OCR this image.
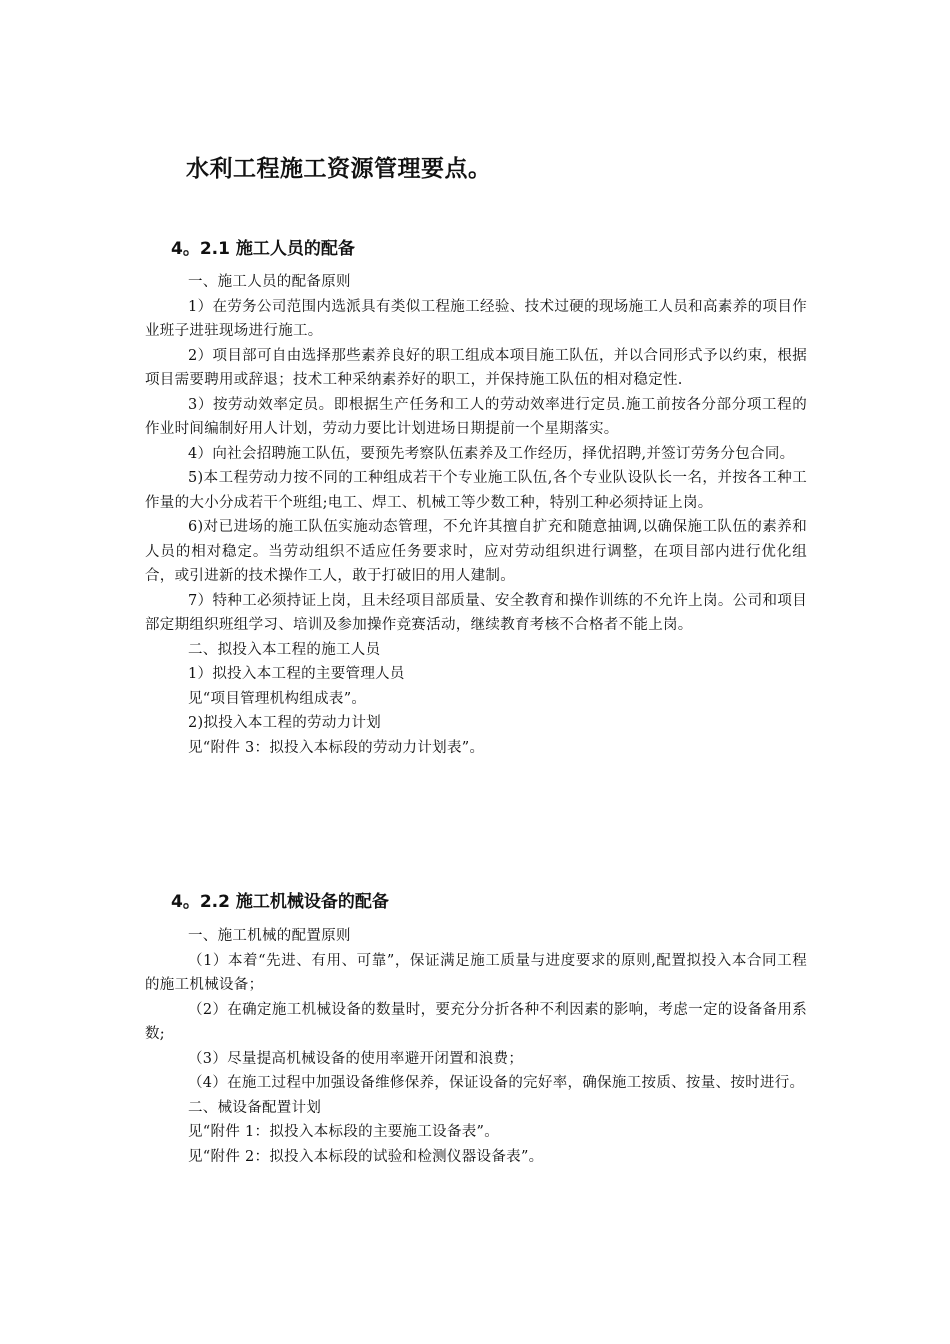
水利工程施工资源管理要点。
4。2.1 施工人员的配备

一、施工人员的配备原则

1）在劳务公司范围内选派具有类似工程施工经验、技术过硬的现场施工人员和高素养的项目作业班子进驻现场进行施工。

2）项目部可自由选择那些素养良好的职工组成本项目施工队伍，并以合同形式予以约束，根据项目需要聘用或辞退；技术工种采纳素养好的职工，并保持施工队伍的相对稳定性.

3）按劳动效率定员。即根据生产任务和工人的劳动效率进行定员.施工前按各分部分项工程的作业时间编制好用人计划，劳动力要比计划进场日期提前一个星期落实。

4）向社会招聘施工队伍，要预先考察队伍素养及工作经历，择优招聘,并签订劳务分包合同。

5)本工程劳动力按不同的工种组成若干个专业施工队伍,各个专业队设队长一名，并按各工种工作量的大小分成若干个班组;电工、焊工、机械工等少数工种，特别工种必须持证上岗。

6)对已进场的施工队伍实施动态管理，不允许其擅自扩充和随意抽调,以确保施工队伍的素养和人员的相对稳定。当劳动组织不适应任务要求时，应对劳动组织进行调整，在项目部内进行优化组合，或引进新的技术操作工人，敢于打破旧的用人建制。

7）特种工必须持证上岗，且未经项目部质量、安全教育和操作训练的不允许上岗。公司和项目部定期组织班组学习、培训及参加操作竞赛活动，继续教育考核不合格者不能上岗。

二、拟投入本工程的施工人员

1）拟投入本工程的主要管理人员

见“项目管理机构组成表”。

2)拟投入本工程的劳动力计划

见“附件 3：拟投入本标段的劳动力计划表”。

4。2.2 施工机械设备的配备

一、施工机械的配置原则

（1）本着“先进、有用、可靠”，保证满足施工质量与进度要求的原则,配置拟投入本合同工程的施工机械设备；

（2）在确定施工机械设备的数量时，要充分分折各种不利因素的影响，考虑一定的设备备用系数;

（3）尽量提高机械设备的使用率避开闭置和浪费；

（4）在施工过程中加强设备维修保养，保证设备的完好率，确保施工按质、按量、按时进行。

二、械设备配置计划

见“附件 1：拟投入本标段的主要施工设备表”。

见“附件 2：拟投入本标段的试验和检测仪器设备表”。
